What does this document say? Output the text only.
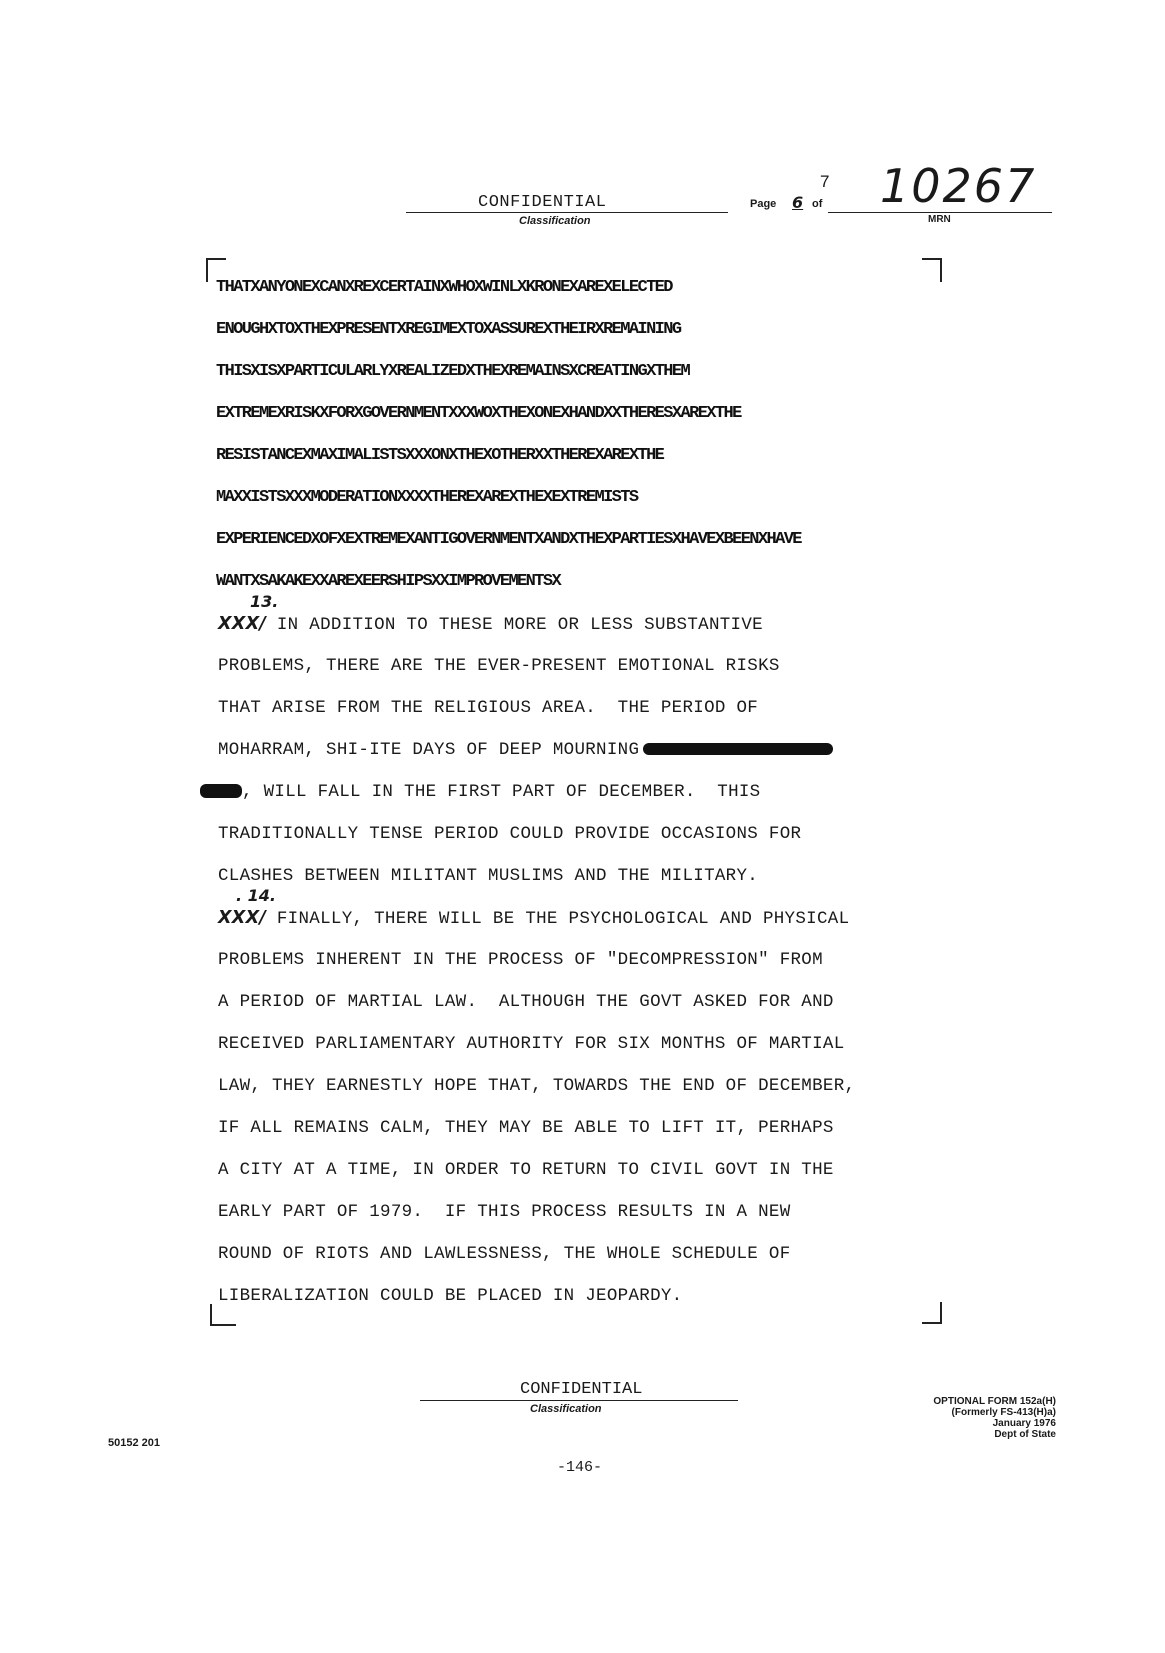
CONFIDENTIAL
Classification
Page 6 of
7 10267
MRN
THATXANYONEXCANXREXCERTAINXWHOXWINLXKRONEXAREXELECTED
ENOUGHXTOXTHEXPRESENTXREGIMEXTOXASSUREXTHEIRXREMAINING
THISXISXPARTICULARLYXREALIZEDXTHEXREMAINSXCREATINGXTHEM
EXTREMEXRISKXFORXGOVERNMENTXXXWOXTHEXONEXHANDXXTHERESXAREXTHE
RESISTANCEXMAXIMALISTSXXXONXTHEXOTHERXXTHEREXAREXTHE
MAXXISTSXXXMODERATIONXXXXTHEREXAREXTHEXEXTREMISTS
EXPERIENCEDXOFXEXTREMEXANTIGOVERNMENTXANDXTHEXPARTIESXHAVEXBEENXHAVE
WANTXSAKAKEXXAREXEERSHIPSXXIMPROVEMENTSX
13.
XXX/ IN ADDITION TO THESE MORE OR LESS SUBSTANTIVE
PROBLEMS, THERE ARE THE EVER-PRESENT EMOTIONAL RISKS
THAT ARISE FROM THE RELIGIOUS AREA.  THE PERIOD OF
MOHARRAM, SHI-ITE DAYS OF DEEP MOURNING
, WILL FALL IN THE FIRST PART OF DECEMBER.  THIS
TRADITIONALLY TENSE PERIOD COULD PROVIDE OCCASIONS FOR
CLASHES BETWEEN MILITANT MUSLIMS AND THE MILITARY.
. 14.
XXX/ FINALLY, THERE WILL BE THE PSYCHOLOGICAL AND PHYSICAL
PROBLEMS INHERENT IN THE PROCESS OF "DECOMPRESSION" FROM
A PERIOD OF MARTIAL LAW.  ALTHOUGH THE GOVT ASKED FOR AND
RECEIVED PARLIAMENTARY AUTHORITY FOR SIX MONTHS OF MARTIAL
LAW, THEY EARNESTLY HOPE THAT, TOWARDS THE END OF DECEMBER,
IF ALL REMAINS CALM, THEY MAY BE ABLE TO LIFT IT, PERHAPS
A CITY AT A TIME, IN ORDER TO RETURN TO CIVIL GOVT IN THE
EARLY PART OF 1979.  IF THIS PROCESS RESULTS IN A NEW
ROUND OF RIOTS AND LAWLESSNESS, THE WHOLE SCHEDULE OF
LIBERALIZATION COULD BE PLACED IN JEOPARDY.
CONFIDENTIAL
Classification
50152 201
-146-
OPTIONAL FORM 152a(H)
(Formerly FS-413(H)a)
January 1976
Dept of State
